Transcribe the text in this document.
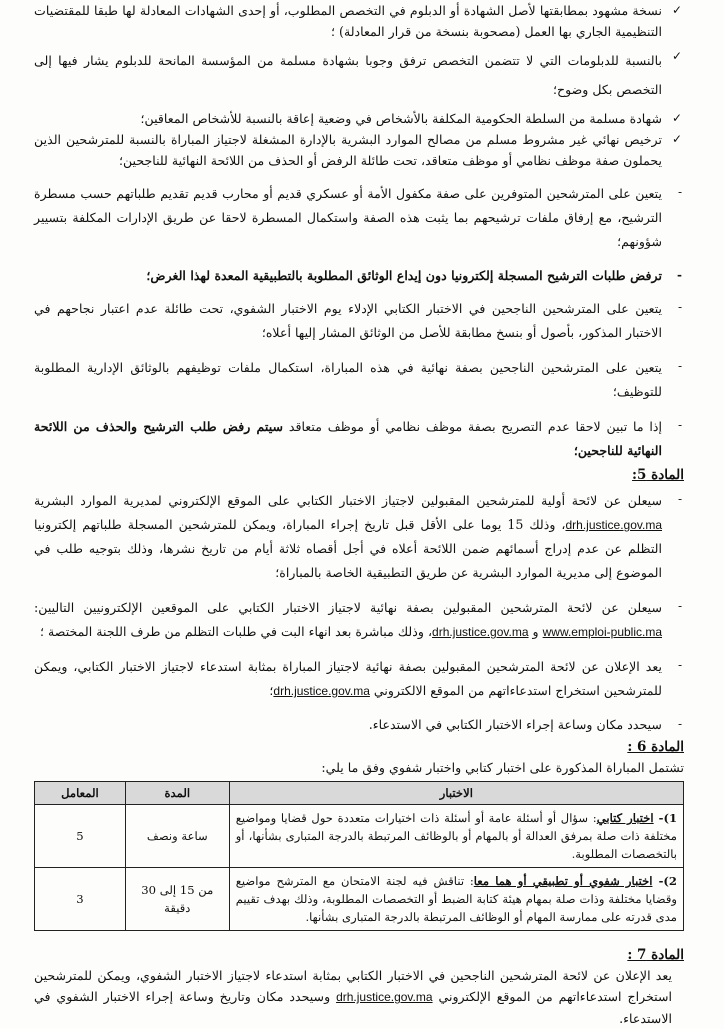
✓

نسخة مشهود بمطابقتها لأصل الشهادة أو الدبلوم في التخصص المطلوب، أو إحدى الشهادات المعادلة لها طبقا للمقتضيات التنظيمية الجاري بها العمل (مصحوبة بنسخة من قرار المعادلة) ؛

✓

بالنسبة للدبلومات التي لا تتضمن التخصص ترفق وجوبا بشهادة مسلمة من المؤسسة المانحة للدبلوم يشار فيها إلى التخصص بكل وضوح؛

✓

شهادة مسلمة من السلطة الحكومية المكلفة بالأشخاص في وضعية إعاقة بالنسبة للأشخاص المعاقين؛

✓

ترخيص نهائي غير مشروط مسلم من مصالح الموارد البشرية بالإدارة المشغلة لاجتياز المباراة بالنسبة للمترشحين الذين يحملون صفة موظف نظامي أو موظف متعاقد، تحت طائلة الرفض أو الحذف من اللائحة النهائية للناجحين؛

-

يتعين على المترشحين المتوفرين على صفة مكفول الأمة أو عسكري قديم أو محارب قديم تقديم طلباتهم حسب مسطرة الترشيح، مع إرفاق ملفات ترشيحهم بما يثبت هذه الصفة واستكمال المسطرة لاحقا عن طريق الإدارات المكلفة بتسيير شؤونهم؛

-

ترفض طلبات الترشيح المسجلة إلكترونيا دون إيداع الوثائق المطلوبة بالتطبيقية المعدة لهذا الغرض؛

-

يتعين على المترشحين الناجحين في الاختبار الكتابي الإدلاء يوم الاختبار الشفوي، تحت طائلة عدم اعتبار نجاحهم في الاختبار المذكور، بأصول أو بنسخ مطابقة للأصل من الوثائق المشار إليها أعلاه؛

-

يتعين على المترشحين الناجحين بصفة نهائية في هذه المباراة، استكمال ملفات توظيفهم بالوثائق الإدارية المطلوبة للتوظيف؛

-

إذا ما تبين لاحقا عدم التصريح بصفة موظف نظامي أو موظف متعاقد سيتم رفض طلب الترشيح والحذف من اللائحة النهائية للناجحين؛

المادة 5:
-

سيعلن عن لائحة أولية للمترشحين المقبولين لاجتياز الاختبار الكتابي على الموقع الإلكتروني لمديرية الموارد البشرية drh.justice.gov.ma، وذلك 15 يوما على الأقل قبل تاريخ إجراء المباراة، ويمكن للمترشحين المسجلة طلباتهم إلكترونيا التظلم عن عدم إدراج أسمائهم ضمن اللائحة أعلاه في أجل أقصاه ثلاثة أيام من تاريخ نشرها، وذلك بتوجيه طلب في الموضوع إلى مديرية الموارد البشرية عن طريق التطبيقية الخاصة بالمباراة؛

-

سيعلن عن لائحة المترشحين المقبولين بصفة نهائية لاجتياز الاختبار الكتابي على الموقعين الإلكترونيين التاليين: www.emploi-public.ma و drh.justice.gov.ma، وذلك مباشرة بعد انهاء البت في طلبات التظلم من طرف اللجنة المختصة ؛

-

يعد الإعلان عن لائحة المترشحين المقبولين بصفة نهائية لاجتياز المباراة بمثابة استدعاء لاجتياز الاختبار الكتابي، ويمكن للمترشحين استخراج استدعاءاتهم من الموقع الالكتروني drh.justice.gov.ma؛

-

سيحدد مكان وساعة إجراء الاختبار الكتابي في الاستدعاء.

المادة 6 :

تشتمل المباراة المذكورة على اختبار كتابي واختبار شفوي وفق ما يلي:

الاختبار	المدة	المعامل
1)- اختبار كتابي: سؤال أو أسئلة عامة أو أسئلة ذات اختيارات متعددة حول قضايا ومواضيع مختلفة ذات صلة بمرفق العدالة أو بالمهام أو بالوظائف المرتبطة بالدرجة المتبارى بشأنها، أو بالتخصصات المطلوبة.	ساعة ونصف	5
2)- اختبار شفوي أو تطبيقي أو هما معا: تناقش فيه لجنة الامتحان مع المترشح مواضيع وقضايا مختلفة وذات صلة بمهام هيئة كتابة الضبط أو التخصصات المطلوبة، وذلك بهدف تقييم مدى قدرته على ممارسة المهام أو الوظائف المرتبطة بالدرجة المتبارى بشأنها.	من 15 إلى 30 دقيقة	3
المادة 7 :

يعد الإعلان عن لائحة المترشحين الناجحين في الاختبار الكتابي بمثابة استدعاء لاجتياز الاختبار الشفوي، ويمكن للمترشحين استخراج استدعاءاتهم من الموقع الإلكتروني drh.justice.gov.ma وسيحدد مكان وتاريخ وساعة إجراء الاختبار الشفوي في الاستدعاء.
